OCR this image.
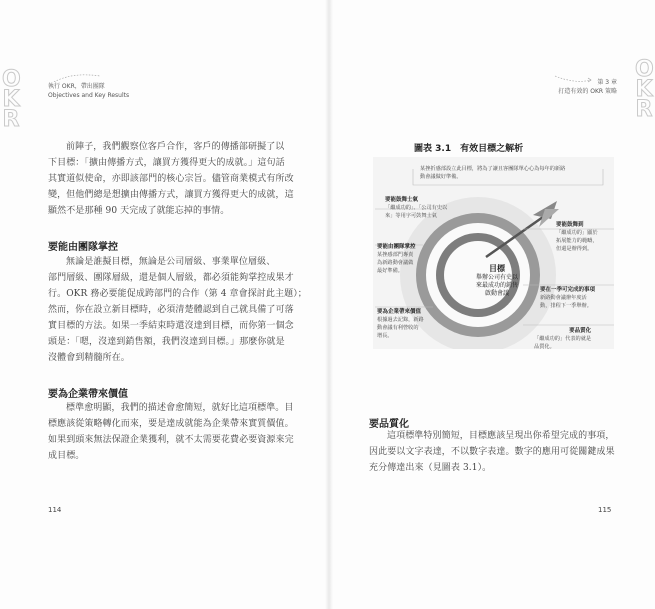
O
K
R
O
K
R
執行 OKR，帶出團隊
Objectives and Key Results
第 3 章
打造有效的 OKR 策略
前陣子，我們觀察位客戶合作，客戶的傳播部研擬了以
下目標：「擴由傳播方式，讓買方獲得更大的成就。」這句話
其實道似使命，亦即該部門的核心宗旨。儘管商業模式有所改
變，但他們總是想擴由傳播方式，讓買方獲得更大的成就，這
顯然不是那種 90 天完成了就能忘掉的事情。
要能由團隊掌控
無論是誰擬目標，無論是公司層級、事業單位層級、
部門層級、團隊層級，還是個人層級，都必須能夠掌控成果才
行。OKR 務必要能促成跨部門的合作（第 4 章會探討此主題）；
然而，你在設立新目標時，必須清楚體認到自己就具備了可落
實目標的方法。如果一季結束時還沒達到目標，而你第一個念
頭是：「嗯，沒達到銷售額，我們沒達到目標。」那麼你就是
沒體會到精髓所在。
要為企業帶來價值
標準愈明顯，我們的描述會愈簡短，就好比這項標準。目
標應該從策略轉化而來，要是達成就能為企業帶來實質價值。
如果到頭來無法保證企業獲利，就不太需要花費必要資源來完
成目標。
114
圖表 3.1　有效目標之解析
某挫折感部設立此目標，將為了讓且客團隊單心心為每年的新路
動會議做好準備。
要能鼓舞士氣
「繼成功的」、「公司有史以
來」等用字可鼓舞士氣
要能由團隊掌控
某挫感部門專責
為新路動會議做
最好準備。
要能鼓舞到
「繼成功的」顯於
拓展能力的範疇，
但還是辦得到。
要在一季可完成的事項
新路動會議辦年度活
動，排程下一季舉辦。
要為企業帶來價值
根據過去記錄，新路
動會議有利營收的
增長。
要品質化
「繼成功的」代表的就是
品質化。
目標
舉辦公司有史以
來最成功的銷售
啟動會議
要品質化
這項標準特別簡短，目標應該呈現出你希望完成的事項，
因此要以文字表達，不以數字表達。數字的應用可從關鍵成果
充分傳達出來（見圖表 3.1）。
115
